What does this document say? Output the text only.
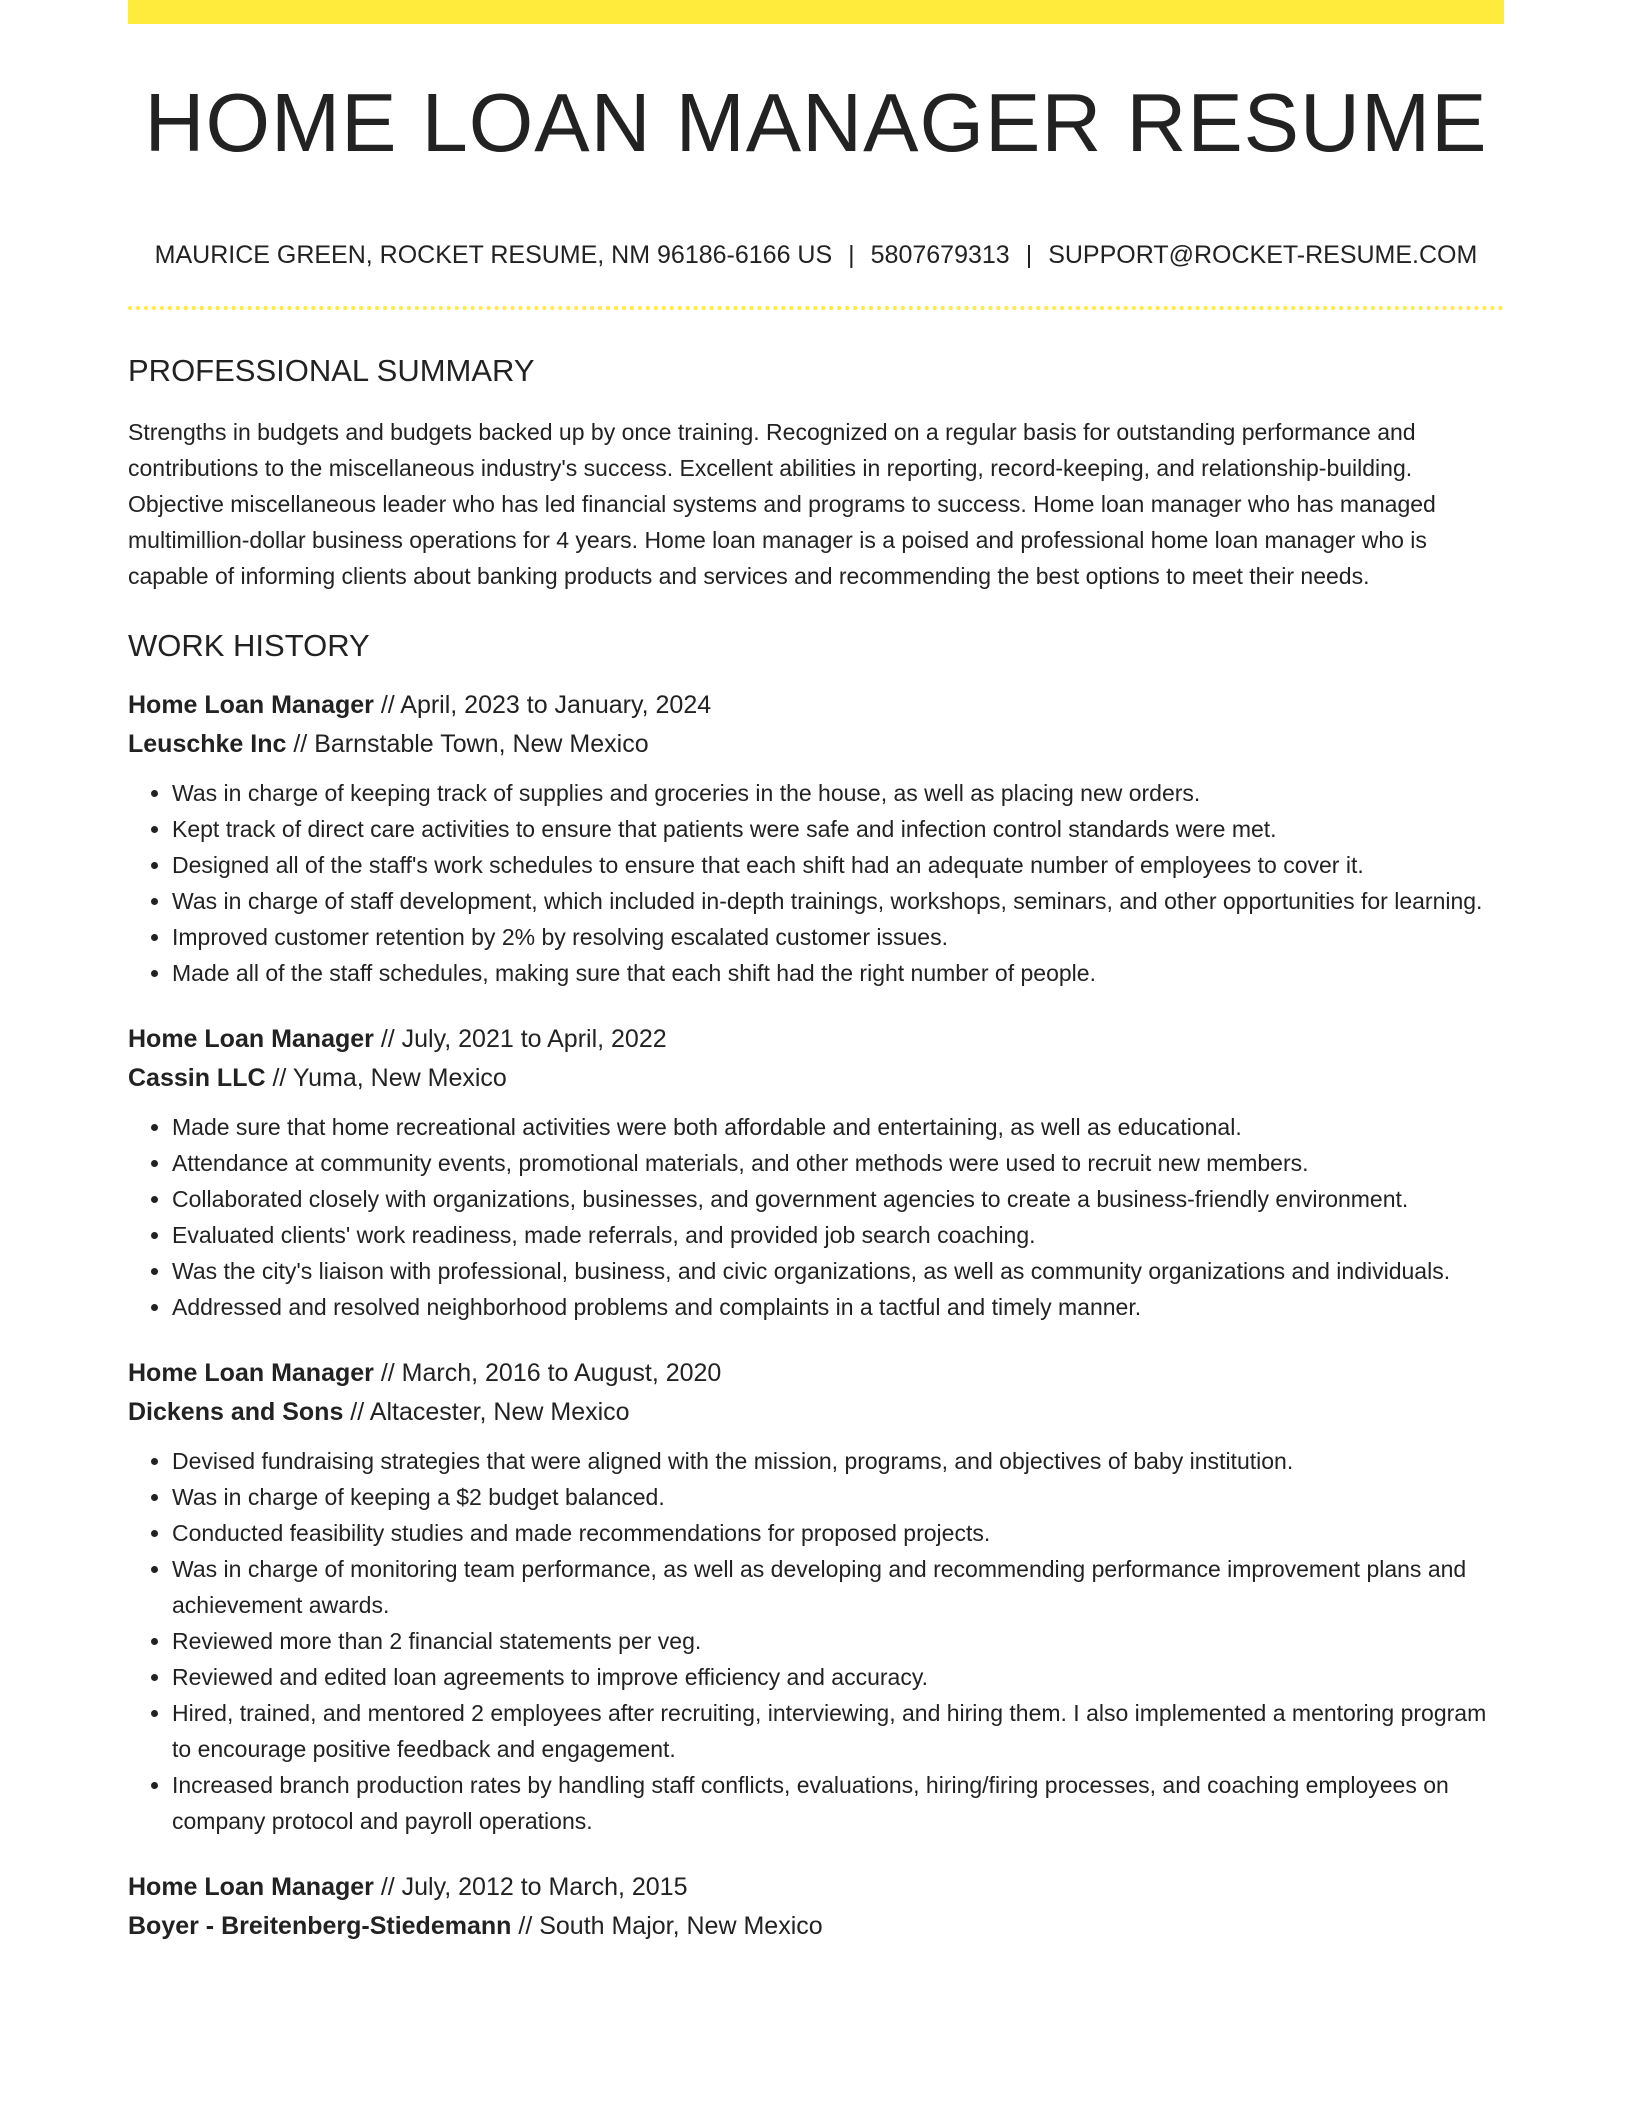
HOME LOAN MANAGER RESUME
MAURICE GREEN, ROCKET RESUME, NM 96186-6166 US | 5807679313 | SUPPORT@ROCKET-RESUME.COM
PROFESSIONAL SUMMARY

Strengths in budgets and budgets backed up by once training. Recognized on a regular basis for outstanding performance and contributions to the miscellaneous industry's success. Excellent abilities in reporting, record-keeping, and relationship-building. Objective miscellaneous leader who has led financial systems and programs to success. Home loan manager who has managed multimillion-dollar business operations for 4 years. Home loan manager is a poised and professional home loan manager who is capable of informing clients about banking products and services and recommending the best options to meet their needs.

WORK HISTORY
Home Loan Manager // April, 2023 to January, 2024
Leuschke Inc // Barnstable Town, New Mexico
• Was in charge of keeping track of supplies and groceries in the house, as well as placing new orders.
• Kept track of direct care activities to ensure that patients were safe and infection control standards were met.
• Designed all of the staff's work schedules to ensure that each shift had an adequate number of employees to cover it.
• Was in charge of staff development, which included in-depth trainings, workshops, seminars, and other opportunities for learning.
• Improved customer retention by 2% by resolving escalated customer issues.
• Made all of the staff schedules, making sure that each shift had the right number of people.
Home Loan Manager // July, 2021 to April, 2022
Cassin LLC // Yuma, New Mexico
• Made sure that home recreational activities were both affordable and entertaining, as well as educational.
• Attendance at community events, promotional materials, and other methods were used to recruit new members.
• Collaborated closely with organizations, businesses, and government agencies to create a business-friendly environment.
• Evaluated clients' work readiness, made referrals, and provided job search coaching.
• Was the city's liaison with professional, business, and civic organizations, as well as community organizations and individuals.
• Addressed and resolved neighborhood problems and complaints in a tactful and timely manner.
Home Loan Manager // March, 2016 to August, 2020
Dickens and Sons // Altacester, New Mexico
• Devised fundraising strategies that were aligned with the mission, programs, and objectives of baby institution.
• Was in charge of keeping a $2 budget balanced.
• Conducted feasibility studies and made recommendations for proposed projects.
• Was in charge of monitoring team performance, as well as developing and recommending performance improvement plans and achievement awards.
• Reviewed more than 2 financial statements per veg.
• Reviewed and edited loan agreements to improve efficiency and accuracy.
• Hired, trained, and mentored 2 employees after recruiting, interviewing, and hiring them. I also implemented a mentoring program to encourage positive feedback and engagement.
• Increased branch production rates by handling staff conflicts, evaluations, hiring/firing processes, and coaching employees on company protocol and payroll operations.
Home Loan Manager // July, 2012 to March, 2015
Boyer - Breitenberg-Stiedemann // South Major, New Mexico
